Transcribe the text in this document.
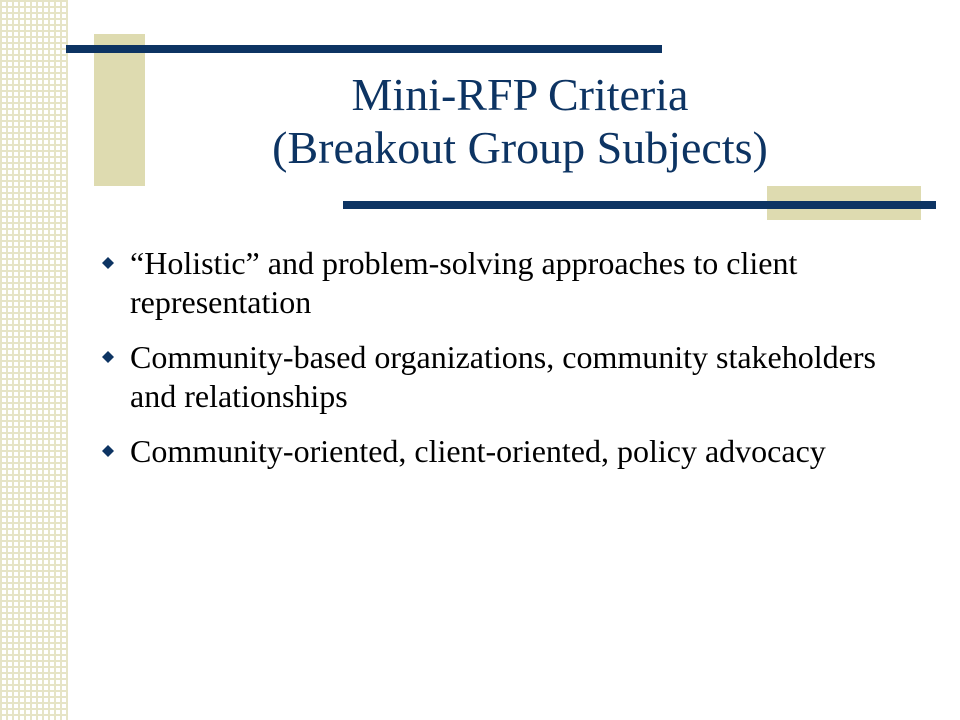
Mini-RFP Criteria
(Breakout Group Subjects)
“Holistic” and problem-solving approaches to client representation
Community-based organizations, community stakeholders and relationships
Community-oriented, client-oriented, policy advocacy
